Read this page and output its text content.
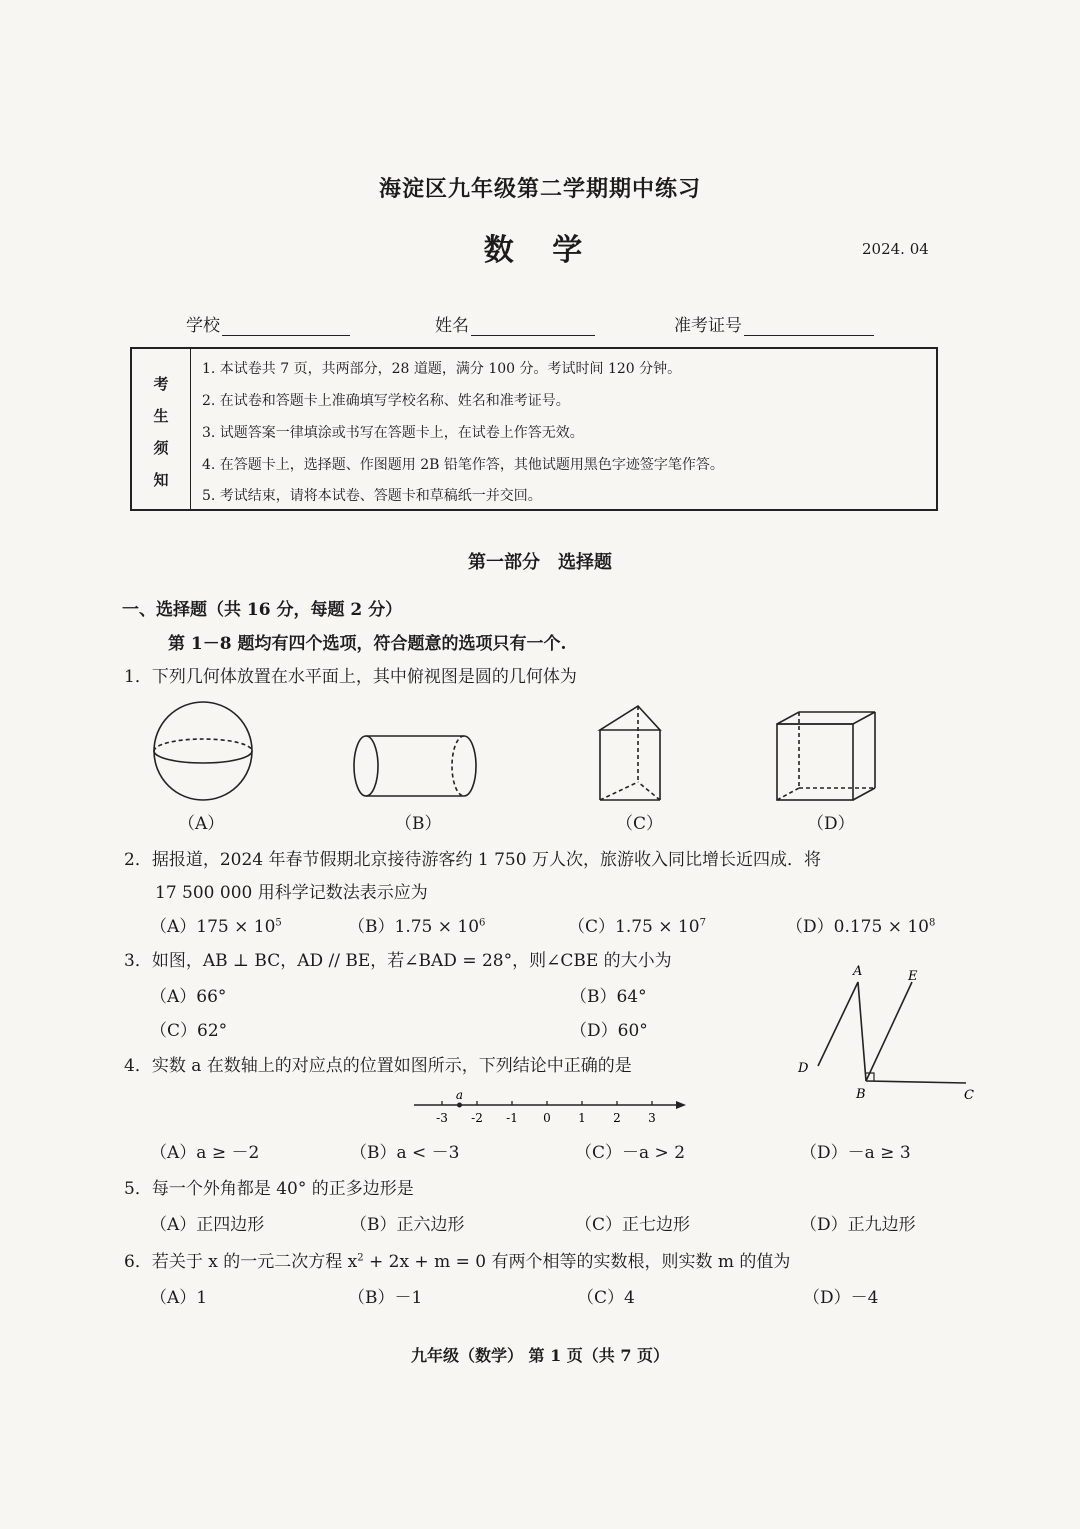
海淀区九年级第二学期期中练习
数 学	2024. 04
学校	姓名	准考证号
考
生
须
知
1. 本试卷共 7 页，共两部分，28 道题，满分 100 分。考试时间 120 分钟。
2. 在试卷和答题卡上准确填写学校名称、姓名和准考证号。
3. 试题答案一律填涂或书写在答题卡上，在试卷上作答无效。
4. 在答题卡上，选择题、作图题用 2B 铅笔作答，其他试题用黑色字迹签字笔作答。
5. 考试结束，请将本试卷、答题卡和草稿纸一并交回。
第一部分　选择题
一、选择题（共 16 分，每题 2 分）
第 1－8 题均有四个选项，符合题意的选项只有一个.
1．下列几何体放置在水平面上，其中俯视图是圆的几何体为
（A）	（B）	（C）	（D）
2．据报道，2024 年春节假期北京接待游客约 1 750 万人次，旅游收入同比增长近四成．将
17 500 000 用科学记数法表示应为
$(A)175 \times 10^5$	$(B)1.75 \times 10^6$	$(C)1.75 \times 10^7$	$(D)0.175 \times 10^8$
3．如图，AB ⊥ BC，AD // BE，若∠BAD = 28°，则∠CBE 的大小为
（A）66°	（B）64°
（C）62°	（D）60°
A	E
D
B	C
4．实数 a 在数轴上的对应点的位置如图所示，下列结论中正确的是
-3 -2 -1 0 1 2 3
a
（A）a ≥ －2	（B）a < －3	（C）－a > 2	（D）－a ≥ 3
5．每一个外角都是 40° 的正多边形是
（A）正四边形	（B）正六边形	（C）正七边形	（D）正九边形
6．若关于 x 的一元二次方程 $x^2 + 2x + m = 0$ 有两个相等的实数根，则实数 m 的值为
（A）1	（B）－1	（C）4	（D）－4
九年级（数学） 第 1 页（共 7 页）
